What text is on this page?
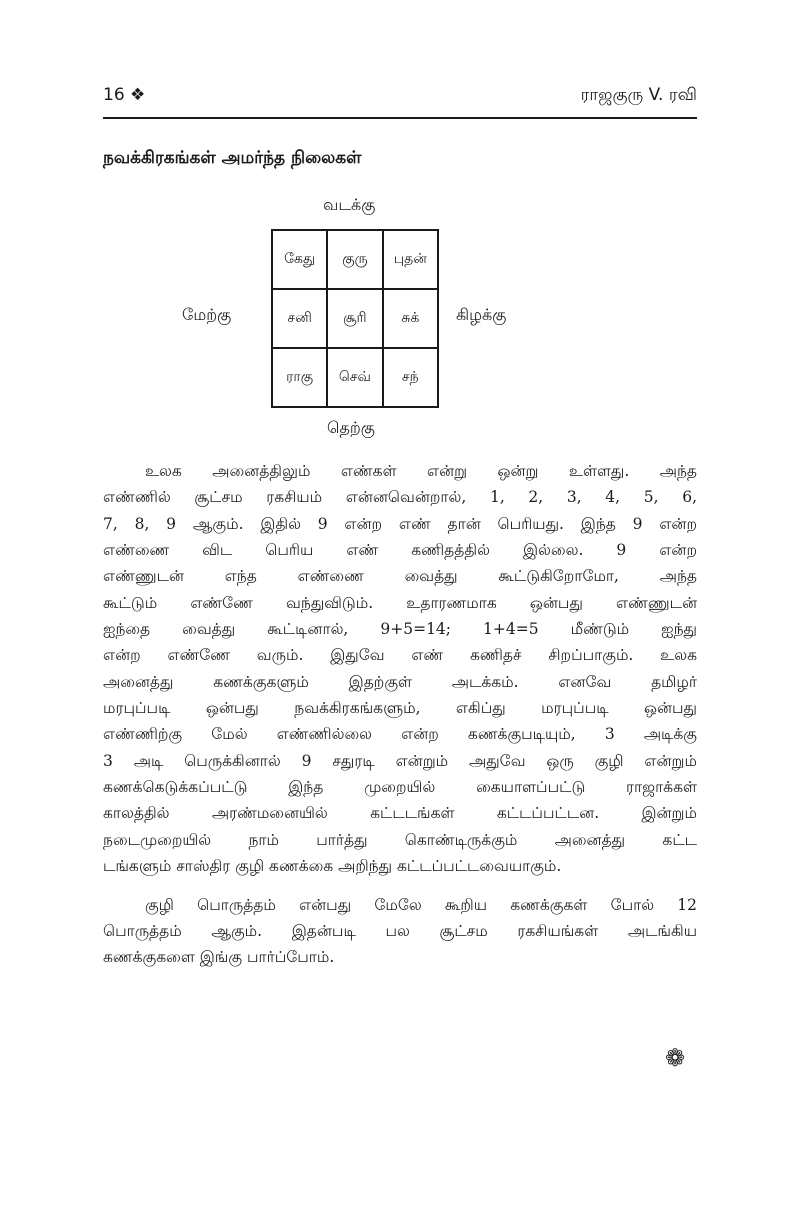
16 ❖	ராஜகுரு V. ரவி
நவக்கிரகங்கள் அமர்ந்த நிலைகள்
வடக்கு
தெற்கு
மேற்கு	கிழக்கு
கேது	குரு	புதன்
சனி	சூரி	சுக்
ராகு	செவ்	சந்

உலக அனைத்திலும் எண்கள் என்று ஒன்று உள்ளது. அந்த
எண்ணில் சூட்சம ரகசியம் என்னவென்றால், 1, 2, 3, 4, 5, 6,
7, 8, 9 ஆகும். இதில் 9 என்ற எண் தான் பெரியது. இந்த 9 என்ற
எண்ணை விட பெரிய எண் கணிதத்தில் இல்லை. 9 என்ற
எண்ணுடன் எந்த எண்ணை வைத்து கூட்டுகிறோமோ, அந்த
கூட்டும் எண்ணே வந்துவிடும். உதாரணமாக ஒன்பது எண்ணுடன்
ஐந்தை வைத்து கூட்டினால், 9+5=14; 1+4=5 மீண்டும் ஐந்து
என்ற எண்ணே வரும். இதுவே எண் கணிதச் சிறப்பாகும். உலக
அனைத்து கணக்குகளும் இதற்குள் அடக்கம். எனவே தமிழர்
மரபுப்படி ஒன்பது நவக்கிரகங்களும், எகிப்து மரபுப்படி ஒன்பது
எண்ணிற்கு மேல் எண்ணில்லை என்ற கணக்குபடியும், 3 அடிக்கு
3 அடி பெருக்கினால் 9 சதுரடி என்றும் அதுவே ஒரு குழி என்றும்
கணக்கெடுக்கப்பட்டு இந்த முறையில் கையாளப்பட்டு ராஜாக்கள்
காலத்தில் அரண்மனையில் கட்டடங்கள் கட்டப்பட்டன. இன்றும்
நடைமுறையில் நாம் பார்த்து கொண்டிருக்கும் அனைத்து கட்ட
டங்களும் சாஸ்திர குழி கணக்கை அறிந்து கட்டப்பட்டவையாகும்.

குழி பொருத்தம் என்பது மேலே கூறிய கணக்குகள் போல் 12
பொருத்தம் ஆகும். இதன்படி பல சூட்சம ரகசியங்கள் அடங்கிய
கணக்குகளை இங்கு பார்ப்போம்.

❁
